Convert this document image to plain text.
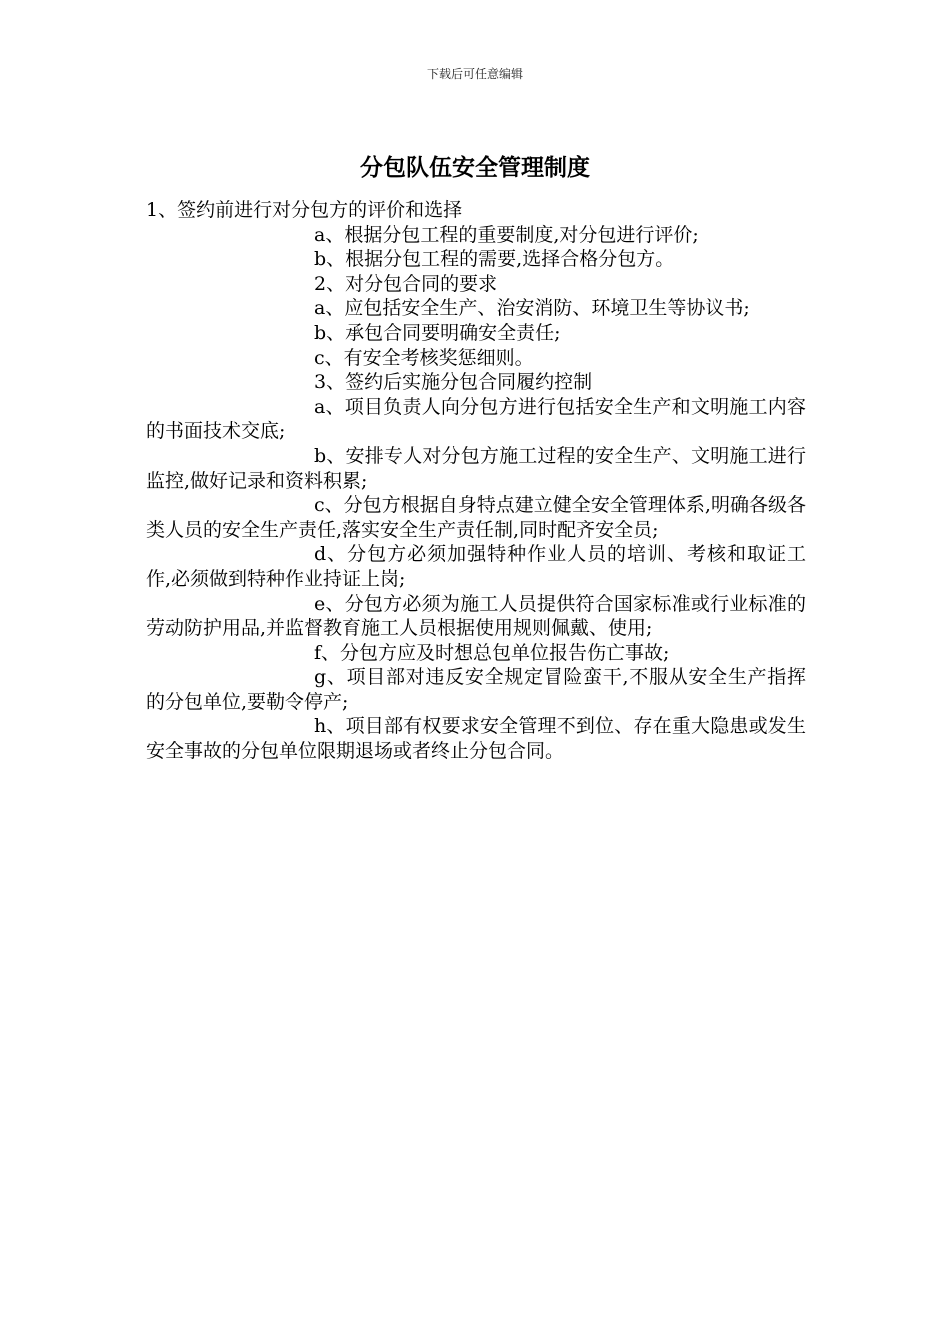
下载后可任意编辑
分包队伍安全管理制度

1、签约前进行对分包方的评价和选择

a、根据分包工程的重要制度,对分包进行评价;

b、根据分包工程的需要,选择合格分包方。

2、对分包合同的要求

a、应包括安全生产、治安消防、环境卫生等协议书;

b、承包合同要明确安全责任;

c、有安全考核奖惩细则。

3、签约后实施分包合同履约控制

a、项目负责人向分包方进行包括安全生产和文明施工内容的书面技术交底;

b、安排专人对分包方施工过程的安全生产、文明施工进行监控,做好记录和资料积累;

c、分包方根据自身特点建立健全安全管理体系,明确各级各类人员的安全生产责任,落实安全生产责任制,同时配齐安全员;

d、分包方必须加强特种作业人员的培训、考核和取证工作,必须做到特种作业持证上岗;

e、分包方必须为施工人员提供符合国家标准或行业标准的劳动防护用品,并监督教育施工人员根据使用规则佩戴、使用;

f、分包方应及时想总包单位报告伤亡事故;

g、项目部对违反安全规定冒险蛮干,不服从安全生产指挥的分包单位,要勒令停产;

h、项目部有权要求安全管理不到位、存在重大隐患或发生安全事故的分包单位限期退场或者终止分包合同。
